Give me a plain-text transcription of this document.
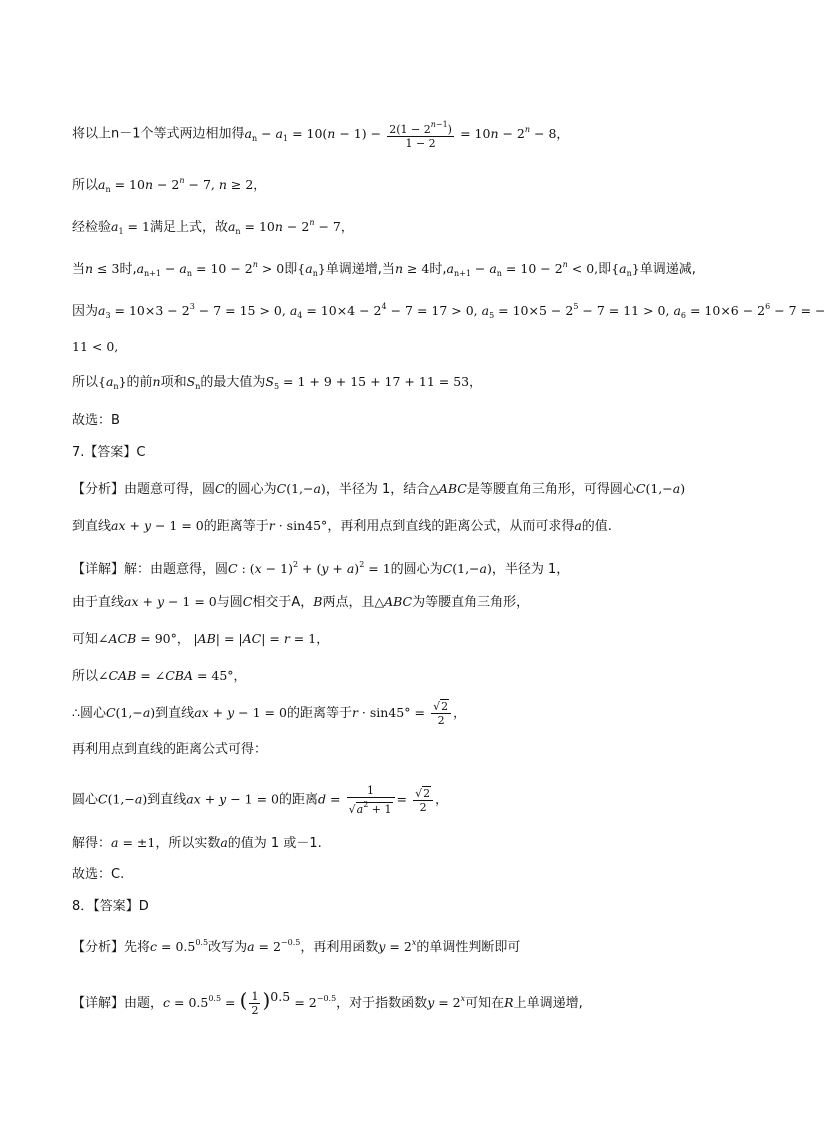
将以上n－1个等式两边相加得$a_n - a_1 = 10(n - 1) - \frac{2(1 - 2^{n-1})}{1 - 2} = 10n - 2^n - 8$，
所以$a_n = 10n - 2^n - 7$, n ≥ 2，
经检验$a_1 = 1$满足上式，故$a_n = 10n - 2^n - 7$，
当n ≤ 3时$,a_{n+1} - a_n = 10 - 2^n > 0$即$\{a_n\}$单调递增,当n ≥ 4时$,a_{n+1} - a_n = 10 - 2^n < 0$,即$\{a_n\}$单调递减,
因为$a_3 = 10\times 3 - 2^3 - 7 = 15 > 0$, $a_4 = 10\times 4 - 2^4 - 7 = 17 > 0$, $a_5 = 10\times 5 - 2^5 - 7 = 11 > 0$, $a_6 = 10\times 6 - 2^6 - 7$ = −
11 < 0,
所以$\{a_n\}$的前n项和$S_n$的最大值为$S_5 = 1 + 9 + 15 + 17 + 11 = 53$，
故选：B
7.【答案】C
【分析】由题意可得，圆C的圆心为C(1,−a)，半径为 1，结合△ABC是等腰直角三角形，可得圆心C(1,−a)
到直线ax + y − 1 = 0的距离等于r · sin45°，再利用点到直线的距离公式，从而可求得a的值.
【详解】解：由题意得，圆C : $(x - 1)^2 + (y + a)^2 = 1$的圆心为C(1,−a)，半径为 1，
由于直线ax + y − 1 = 0与圆C相交于A，B两点，且△ABC为等腰直角三角形，
可知∠ACB = 90°， |AB| = |AC| = r = 1，
所以∠CAB = ∠CBA = 45°，
∴圆心C(1,−a)到直线ax + y − 1 = 0的距离等于$r \cdot \sin 45^\circ = \frac{√2}{2}$ ，
再利用点到直线的距离公式可得：
圆心C(1,−a)到直线ax + y − 1 = 0的距离$d = \frac{1}{√a^2 + 1} = \frac{√2}{2}$ ，
解得：a = ±1，所以实数a的值为 1 或－1.
故选：C.
8．【答案】D
【分析】先将$c = 0.5^{0.5}$改写为$a = 2^{-0.5}$，再利用函数$y = 2^x$的单调性判断即可
【详解】由题，$c = 0.5^{0.5}$ = ( $\frac{1}{2} )^{0.5} = 2^{-0.5}$，对于指数函数$y = 2^x$可知在R上单调递增,
